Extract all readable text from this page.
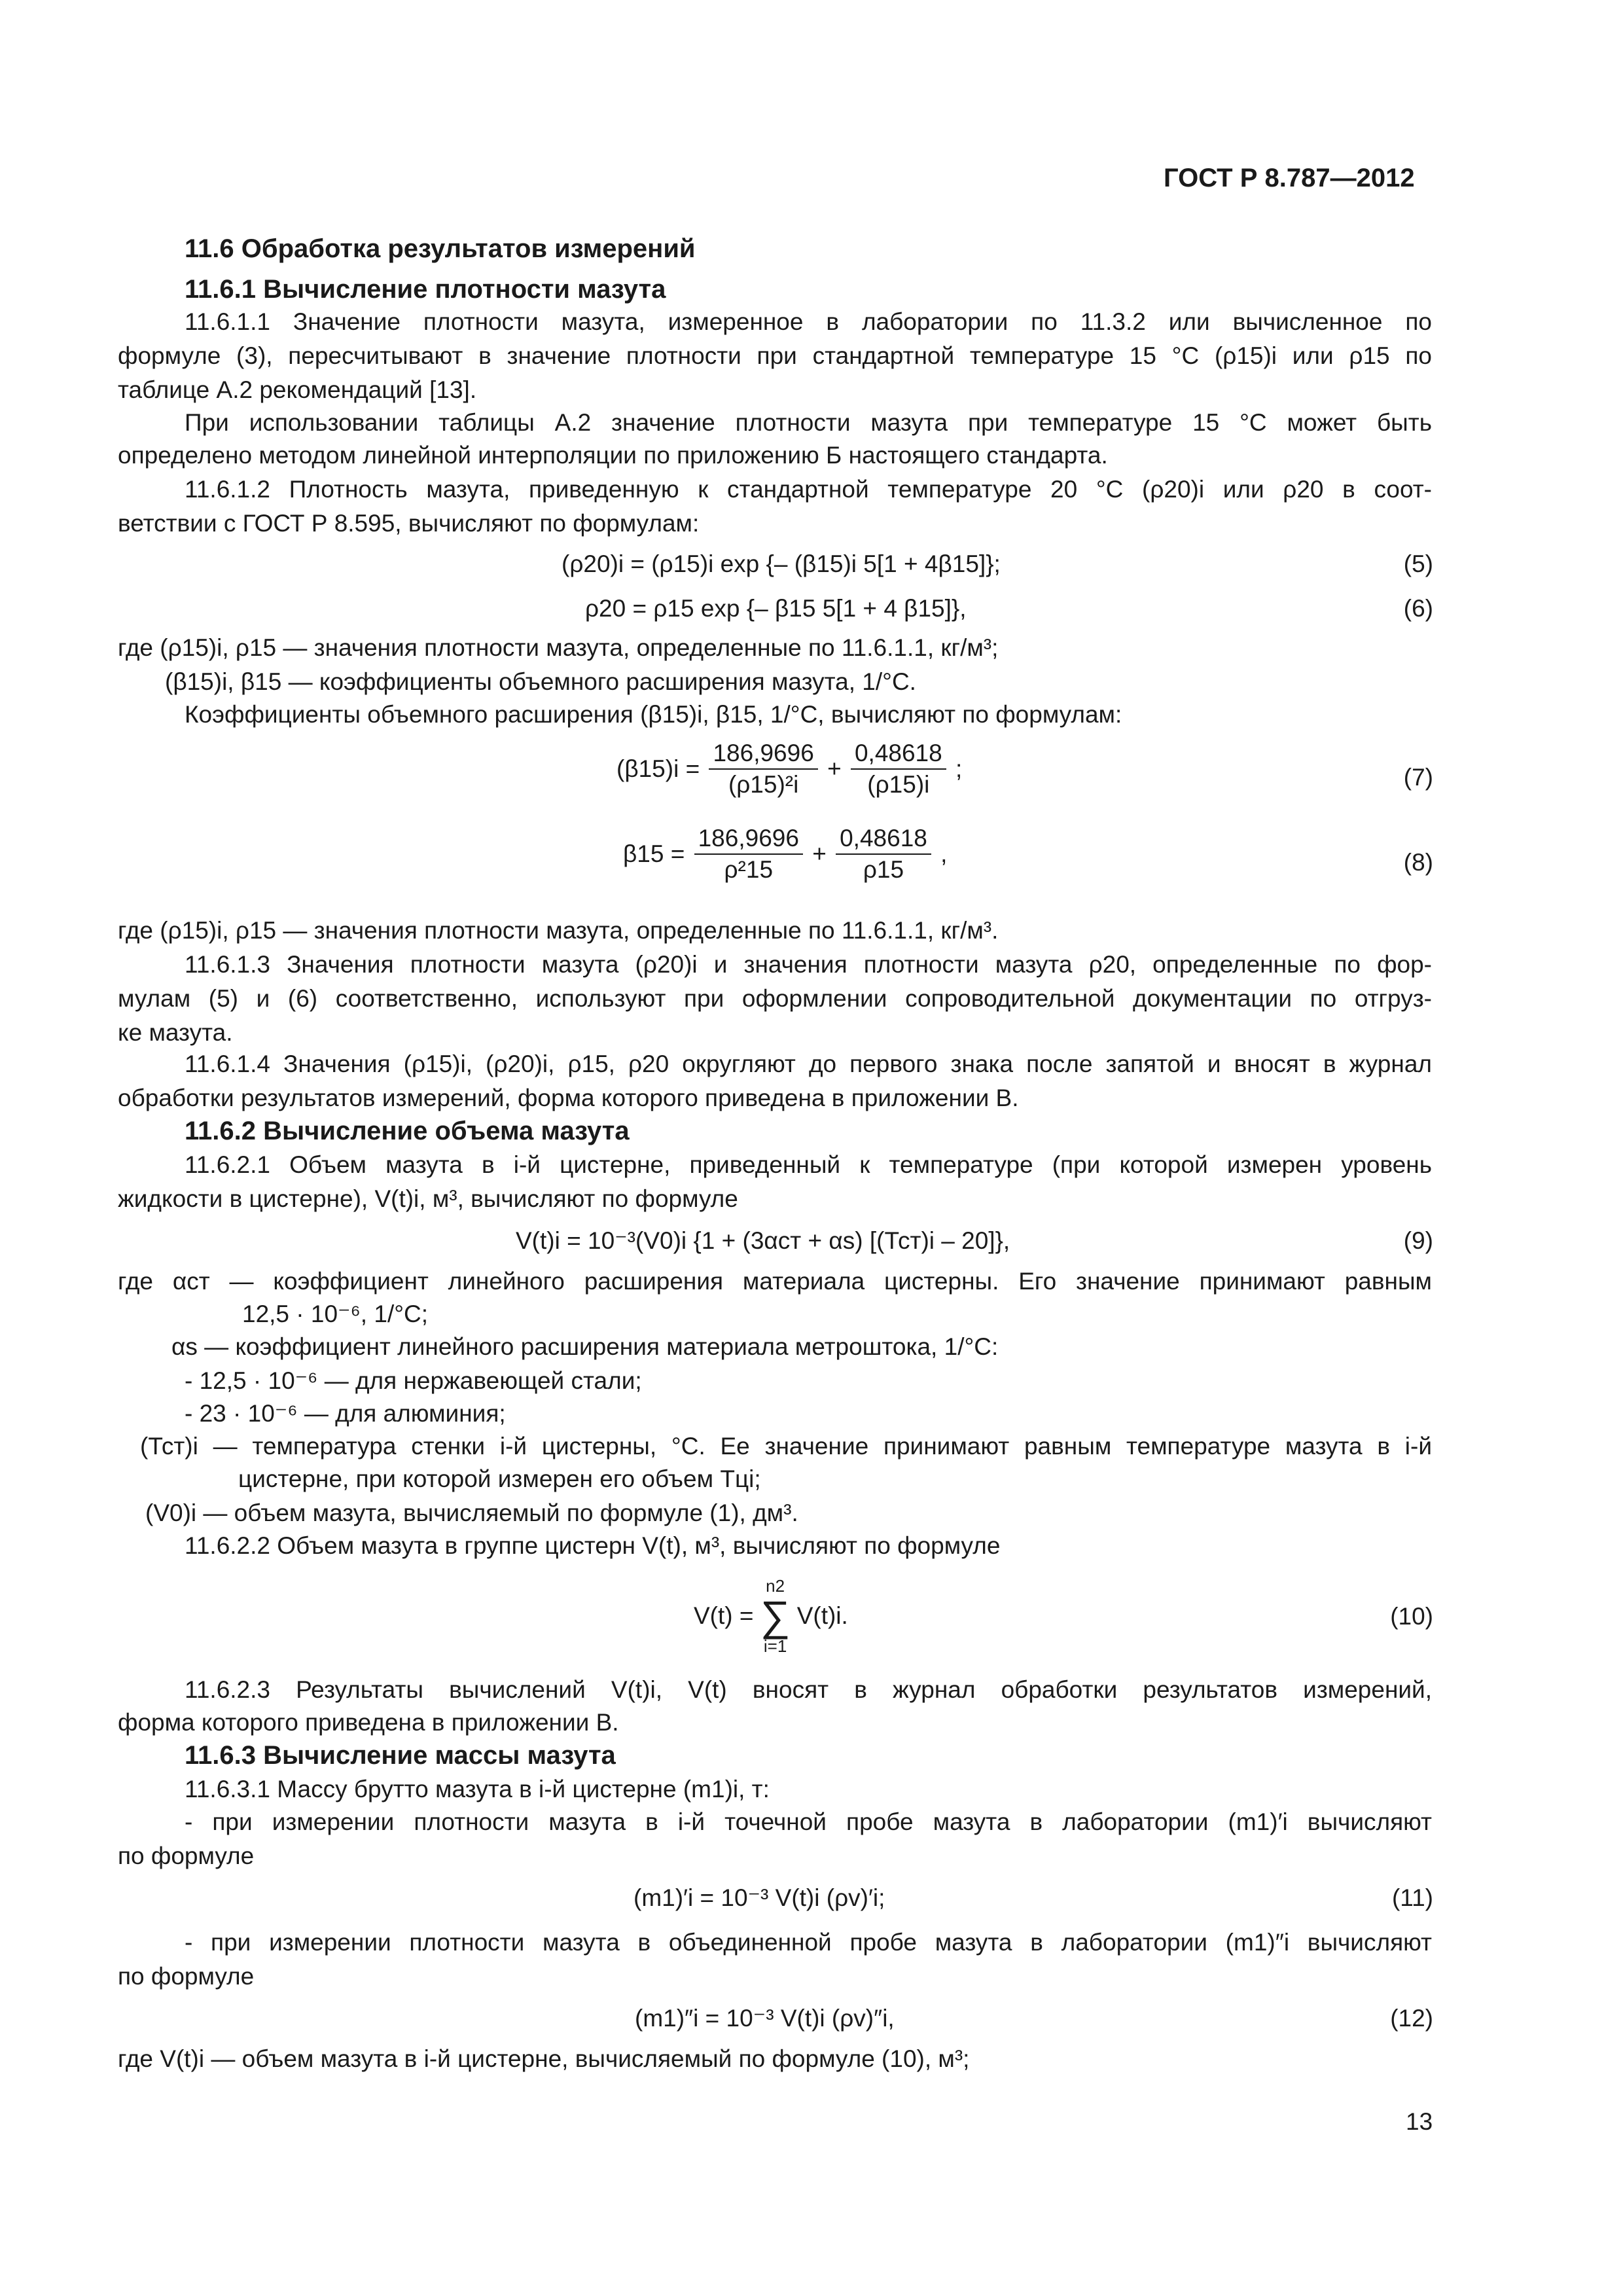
ГОСТ Р 8.787—2012
11.6 Обработка результатов измерений
11.6.1 Вычисление плотности мазута
11.6.1.1 Значение плотности мазута, измеренное в лаборатории по 11.3.2 или вычисленное по
формуле (3), пересчитывают в значение плотности при стандартной температуре 15 °С (ρ15)i или ρ15 по
таблице А.2 рекомендаций [13].
При использовании таблицы А.2 значение плотности мазута при температуре 15 °С может быть
определено методом линейной интерполяции по приложению Б настоящего стандарта.
11.6.1.2 Плотность мазута, приведенную к стандартной температуре 20 °С (ρ20)i или ρ20 в соот-
ветствии с ГОСТ Р 8.595, вычисляют по формулам:
(ρ20)i = (ρ15)i exp {– (β15)i 5[1 + 4β15]};	(5)
ρ20 = ρ15 exp {– β15 5[1 + 4 β15]},	(6)
где (ρ15)i, ρ15 — значения плотности мазута, определенные по 11.6.1.1, кг/м³;
(β15)i, β15 — коэффициенты объемного расширения мазута, 1/°С.
Коэффициенты объемного расширения (β15)i, β15, 1/°С, вычисляют по формулам:
$(\beta 15)i = \frac{186,9696}{\text{(ρ15)²i}} + \frac{0,48618}{(\rho 15)i}$ ;	(7)
$\beta 15 = \frac{186,9696}{\text{ρ²15}} + \frac{0,48618}{\rho 15}$ ,	(8)
где (ρ15)i, ρ15 — значения плотности мазута, определенные по 11.6.1.1, кг/м³.
11.6.1.3 Значения плотности мазута (ρ20)i и значения плотности мазута ρ20, определенные по фор-
мулам (5) и (6) соответственно, используют при оформлении сопроводительной документации по отгруз-
ке мазута.
11.6.1.4 Значения (ρ15)i, (ρ20)i, ρ15, ρ20 округляют до первого знака после запятой и вносят в журнал
обработки результатов измерений, форма которого приведена в приложении В.
11.6.2 Вычисление объема мазута
11.6.2.1 Объем мазута в i-й цистерне, приведенный к температуре (при которой измерен уровень
жидкости в цистерне), V(t)i, м³, вычисляют по формуле
V(t)i = 10⁻³(V0)i {1 + (3αст + αs) [(Тст)i – 20]},	(9)
где αст — коэффициент линейного расширения материала цистерны. Его значение принимают равным
12,5 · 10⁻⁶, 1/°С;
αs — коэффициент линейного расширения материала метроштока, 1/°С:
- 12,5 · 10⁻⁶ — для нержавеющей стали;
- 23 · 10⁻⁶ — для алюминия;
(Тст)i — температура стенки i-й цистерны, °С. Ее значение принимают равным температуре мазута в i-й
цистерне, при которой измерен его объем Тцi;
(V0)i — объем мазута, вычисляемый по формуле (1), дм³.
11.6.2.2 Объем мазута в группе цистерн V(t), м³, вычисляют по формуле
V(t) =
n2
∑
i=1
V(t)i.	(10)
11.6.2.3 Результаты вычислений V(t)i, V(t) вносят в журнал обработки результатов измерений,
форма которого приведена в приложении В.
11.6.3 Вычисление массы мазута
11.6.3.1 Массу брутто мазута в i-й цистерне (m1)i, т:
- при измерении плотности мазута в i-й точечной пробе мазута в лаборатории (m1)′i вычисляют
по формуле
(m1)′i = 10⁻³ V(t)i (ρv)′i;	(11)
- при измерении плотности мазута в объединенной пробе мазута в лаборатории (m1)″i вычисляют
по формуле
(m1)″i = 10⁻³ V(t)i (ρv)″i,	(12)
где V(t)i — объем мазута в i-й цистерне, вычисляемый по формуле (10), м³;
13
